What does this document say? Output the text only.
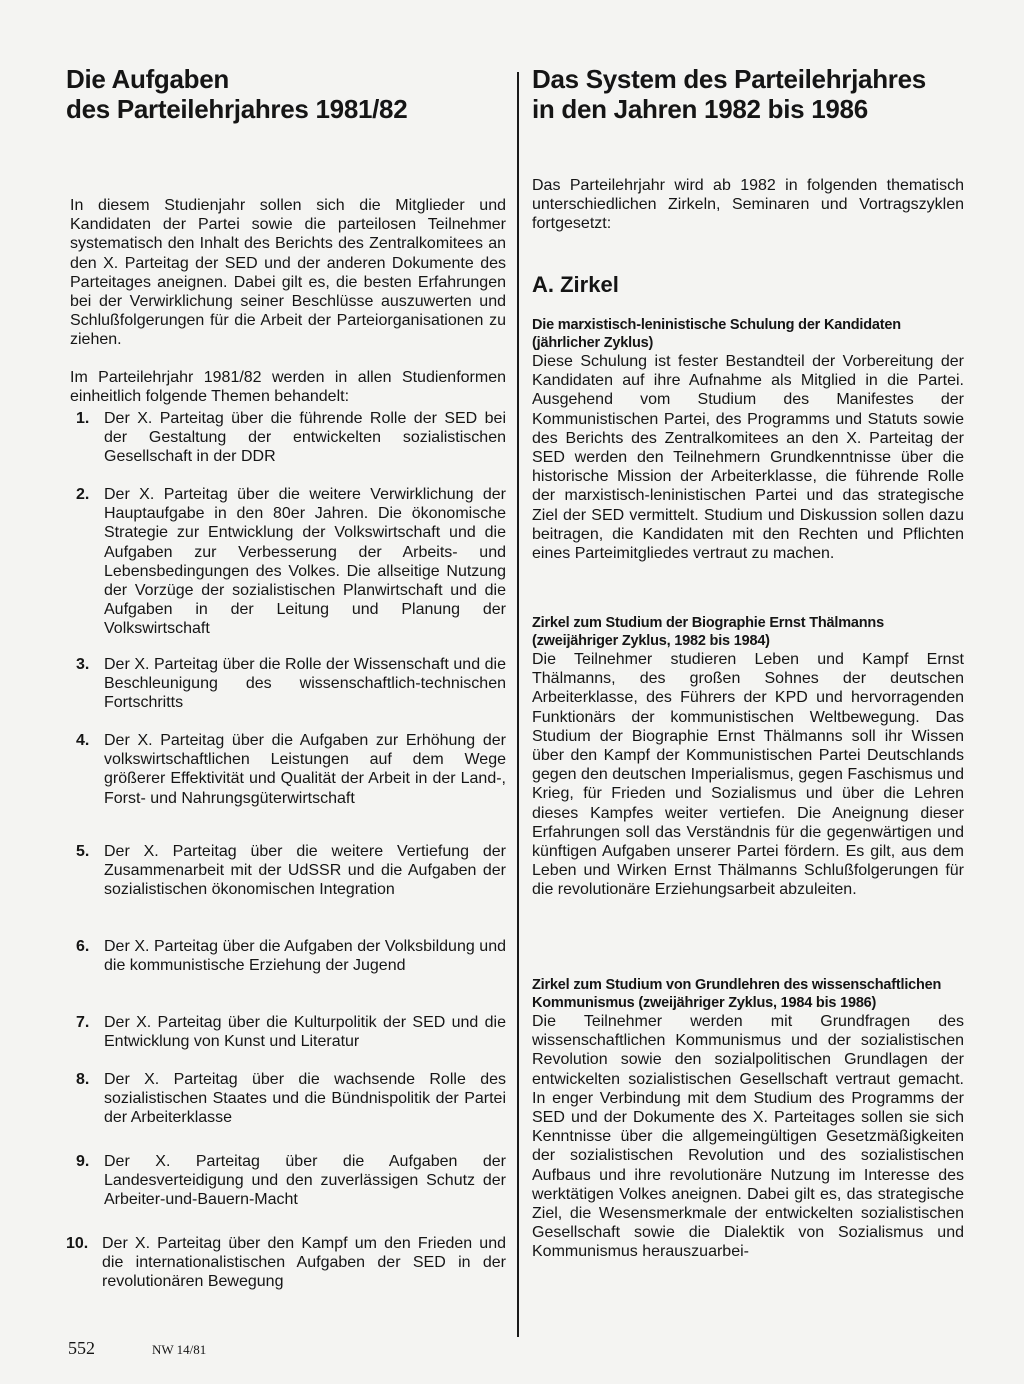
Die Aufgaben
des Parteilehrjahres 1981/82

In diesem Studienjahr sollen sich die Mitglieder und Kandidaten der Partei sowie die parteilosen Teilnehmer systematisch den Inhalt des Berichts des Zentralkomitees an den X. Parteitag der SED und der anderen Dokumente des Parteitages aneignen. Dabei gilt es, die besten Erfahrungen bei der Verwirklichung seiner Beschlüsse auszuwerten und Schlußfolgerungen für die Arbeit der Parteiorganisationen zu ziehen.

Im Parteilehrjahr 1981/82 werden in allen Studienformen einheitlich folgende Themen behandelt:

1. Der X. Parteitag über die führende Rolle der SED bei der Gestaltung der entwickelten sozialistischen Gesellschaft in der DDR
2. Der X. Parteitag über die weitere Verwirklichung der Hauptaufgabe in den 80er Jahren. Die ökonomische Strategie zur Entwicklung der Volkswirtschaft und die Aufgaben zur Verbesserung der Arbeits- und Lebensbedingungen des Volkes. Die allseitige Nutzung der Vorzüge der sozialistischen Planwirtschaft und die Aufgaben in der Leitung und Planung der Volkswirtschaft
3. Der X. Parteitag über die Rolle der Wissenschaft und die Beschleunigung des wissenschaftlich-technischen Fortschritts
4. Der X. Parteitag über die Aufgaben zur Erhöhung der volkswirtschaftlichen Leistungen auf dem Wege größerer Effektivität und Qualität der Arbeit in der Land-, Forst- und Nahrungsgüterwirtschaft
5. Der X. Parteitag über die weitere Vertiefung der Zusammenarbeit mit der UdSSR und die Aufgaben der sozialistischen ökonomischen Integration
6. Der X. Parteitag über die Aufgaben der Volksbildung und die kommunistische Erziehung der Jugend
7. Der X. Parteitag über die Kulturpolitik der SED und die Entwicklung von Kunst und Literatur
8. Der X. Parteitag über die wachsende Rolle des sozialistischen Staates und die Bündnispolitik der Partei der Arbeiterklasse
9. Der X. Parteitag über die Aufgaben der Landesverteidigung und den zuverlässigen Schutz der Arbeiter-und-Bauern-Macht
10. Der X. Parteitag über den Kampf um den Frieden und die internationalistischen Aufgaben der SED in der revolutionären Bewegung
Das System des Parteilehrjahres
in den Jahren 1982 bis 1986

Das Parteilehrjahr wird ab 1982 in folgenden thematisch unterschiedlichen Zirkeln, Seminaren und Vortragszyklen fortgesetzt:

A. Zirkel
Die marxistisch-leninistische Schulung der Kandidaten (jährlicher Zyklus)

Diese Schulung ist fester Bestandteil der Vorbereitung der Kandidaten auf ihre Aufnahme als Mitglied in die Partei. Ausgehend vom Studium des Manifestes der Kommunistischen Partei, des Programms und Statuts sowie des Berichts des Zentralkomitees an den X. Parteitag der SED werden den Teilnehmern Grundkenntnisse über die historische Mission der Arbeiterklasse, die führende Rolle der marxistisch-leninistischen Partei und das strategische Ziel der SED vermittelt. Studium und Diskussion sollen dazu beitragen, die Kandidaten mit den Rechten und Pflichten eines Parteimitgliedes vertraut zu machen.

Zirkel zum Studium der Biographie Ernst Thälmanns (zweijähriger Zyklus, 1982 bis 1984)

Die Teilnehmer studieren Leben und Kampf Ernst Thälmanns, des großen Sohnes der deutschen Arbeiterklasse, des Führers der KPD und hervorragenden Funktionärs der kommunistischen Weltbewegung. Das Studium der Biographie Ernst Thälmanns soll ihr Wissen über den Kampf der Kommunistischen Partei Deutschlands gegen den deutschen Imperialismus, gegen Faschismus und Krieg, für Frieden und Sozialismus und über die Lehren dieses Kampfes weiter vertiefen. Die Aneignung dieser Erfahrungen soll das Verständnis für die gegenwärtigen und künftigen Aufgaben unserer Partei fördern. Es gilt, aus dem Leben und Wirken Ernst Thälmanns Schlußfolgerungen für die revolutionäre Erziehungsarbeit abzuleiten.

Zirkel zum Studium von Grundlehren des wissenschaftlichen Kommunismus (zweijähriger Zyklus, 1984 bis 1986)

Die Teilnehmer werden mit Grundfragen des wissenschaftlichen Kommunismus und der sozialistischen Revolution sowie den sozialpolitischen Grundlagen der entwickelten sozialistischen Gesellschaft vertraut gemacht. In enger Verbindung mit dem Studium des Programms der SED und der Dokumente des X. Parteitages sollen sie sich Kenntnisse über die allgemeingültigen Gesetzmäßigkeiten der sozialistischen Revolution und des sozialistischen Aufbaus und ihre revolutionäre Nutzung im Interesse des werktätigen Volkes aneignen. Dabei gilt es, das strategische Ziel, die Wesensmerkmale der entwickelten sozialistischen Gesellschaft sowie die Dialektik von Sozialismus und Kommunismus herauszuarbei-

552	NW 14/81
